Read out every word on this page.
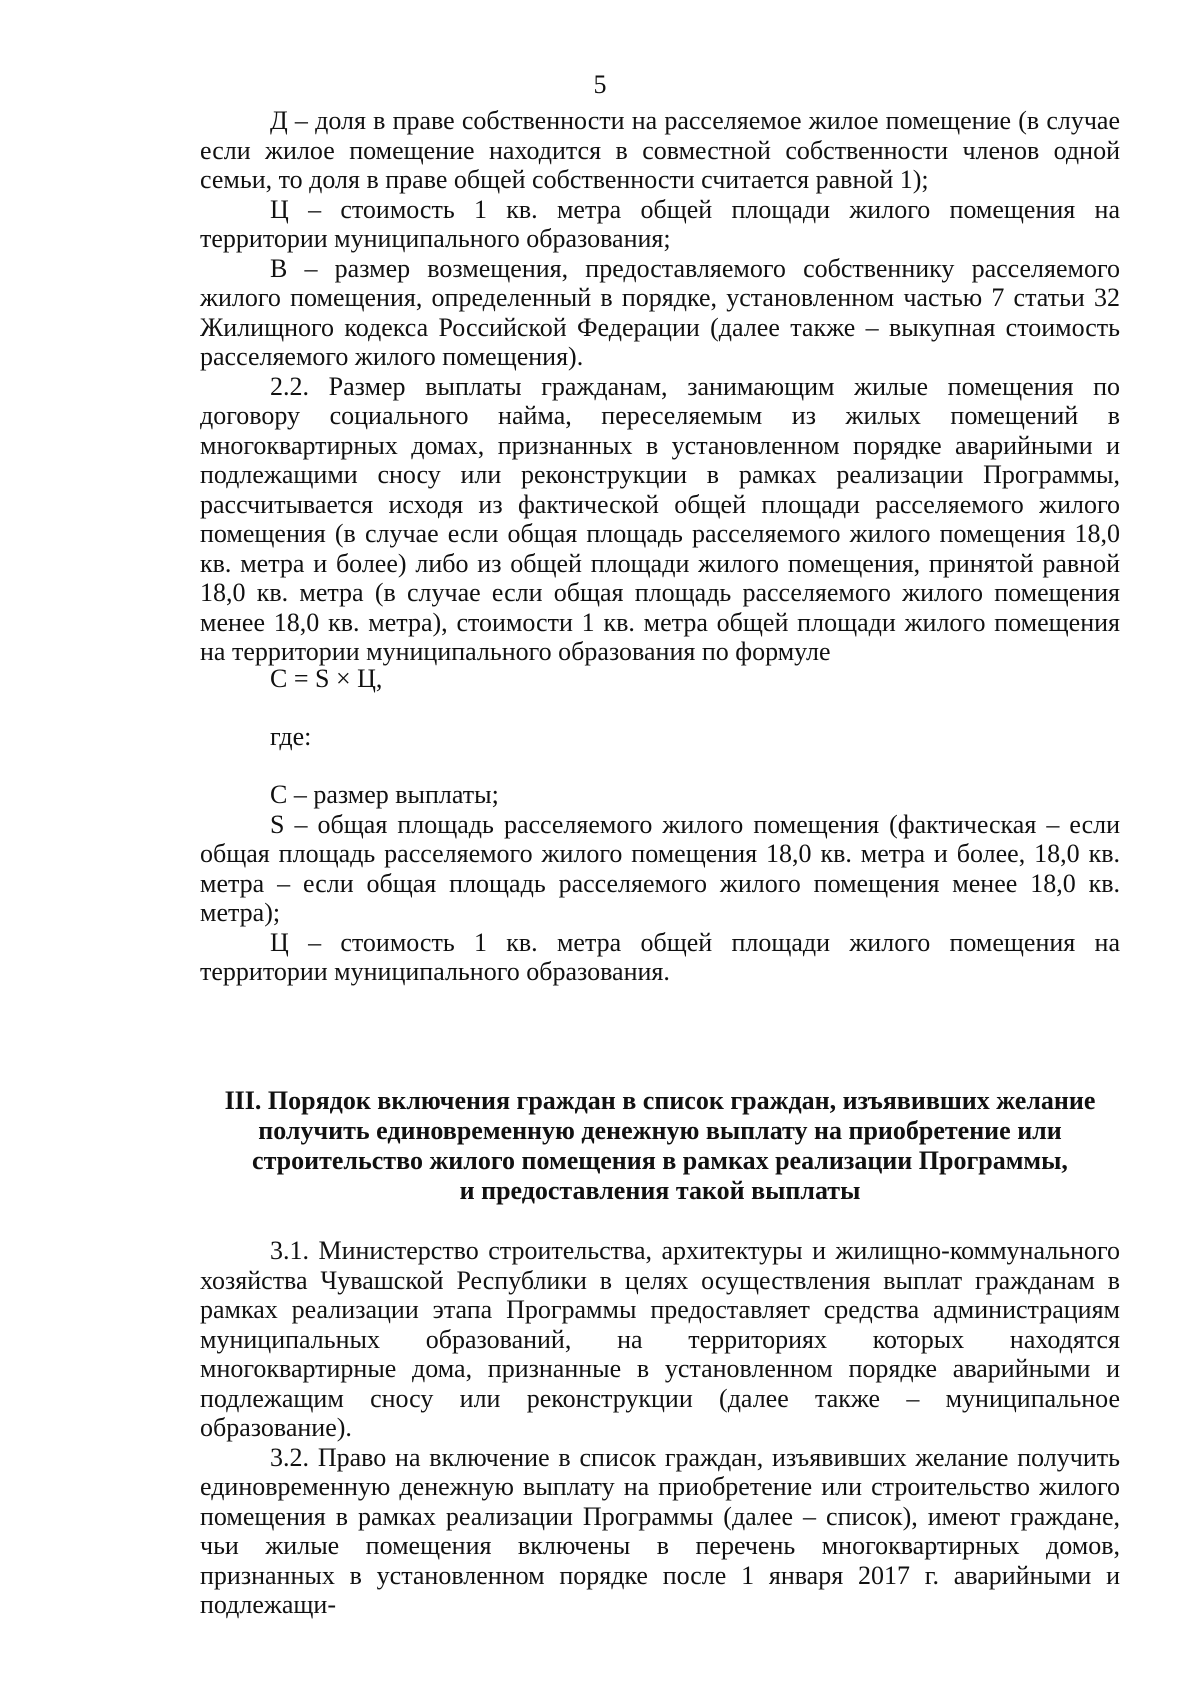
5

Д – доля в праве собственности на расселяемое жилое помещение (в случае если жилое помещение находится в совместной собственности членов одной семьи, то доля в праве общей собственности считается равной 1);

Ц – стоимость 1 кв. метра общей площади жилого помещения на территории муниципального образования;

В – размер возмещения, предоставляемого собственнику расселяемого жилого помещения, определенный в порядке, установленном частью 7 статьи 32 Жилищного кодекса Российской Федерации (далее также – выкупная стоимость расселяемого жилого помещения).

2.2. Размер выплаты гражданам, занимающим жилые помещения по договору социального найма, переселяемым из жилых помещений в многоквартирных домах, признанных в установленном порядке аварийными и подлежащими сносу или реконструкции в рамках реализации Программы, рассчитывается исходя из фактической общей площади расселяемого жилого помещения (в случае если общая площадь расселяемого жилого помещения 18,0 кв. метра и более) либо из общей площади жилого помещения, принятой равной 18,0 кв. метра (в случае если общая площадь расселяемого жилого помещения менее 18,0 кв. метра), стоимости 1 кв. метра общей площади жилого помещения на территории муниципального образования по формуле

С = S × Ц,

где:

С – размер выплаты;

S – общая площадь расселяемого жилого помещения (фактическая – если общая площадь расселяемого жилого помещения 18,0 кв. метра и более, 18,0 кв. метра – если общая площадь расселяемого жилого помещения менее 18,0 кв. метра);

Ц – стоимость 1 кв. метра общей площади жилого помещения на территории муниципального образования.

III. Порядок включения граждан в список граждан, изъявивших желание
получить единовременную денежную выплату на приобретение или
строительство жилого помещения в рамках реализации Программы,
и предоставления такой выплаты

3.1. Министерство строительства, архитектуры и жилищно-коммунального хозяйства Чувашской Республики в целях осуществления выплат гражданам в рамках реализации этапа Программы предоставляет средства администрациям муниципальных образований, на территориях которых находятся многоквартирные дома, признанные в установленном порядке аварийными и подлежащим сносу или реконструкции (далее также – муниципальное образование).

3.2. Право на включение в список граждан, изъявивших желание получить единовременную денежную выплату на приобретение или строительство жилого помещения в рамках реализации Программы (далее – список), имеют граждане, чьи жилые помещения включены в перечень многоквартирных домов, признанных в установленном порядке после 1 января 2017 г. аварийными и подлежащи-
